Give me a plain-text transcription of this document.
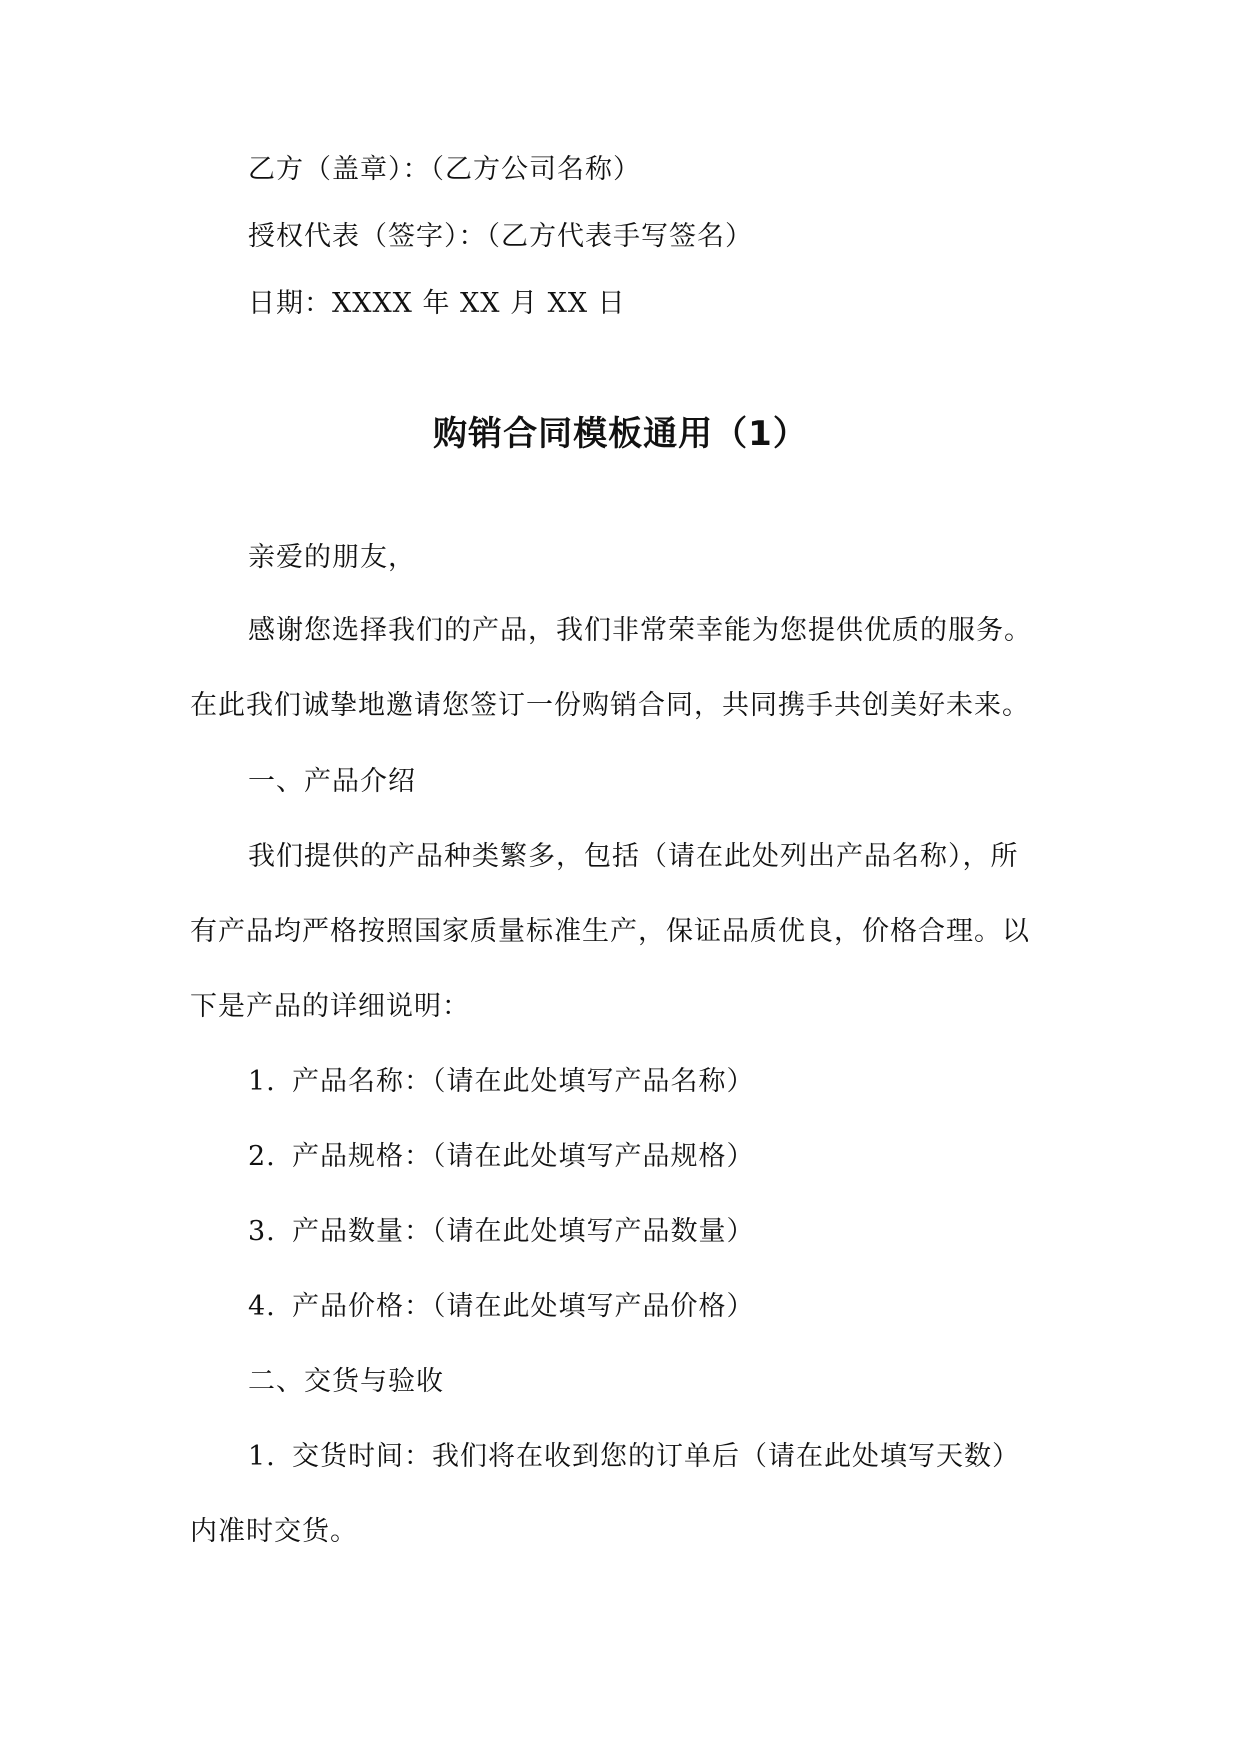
乙方（盖章）：（乙方公司名称）
授权代表（签字）：（乙方代表手写签名）
日期：XXXX 年 XX 月 XX 日
购销合同模板通用（1）
亲爱的朋友，
感谢您选择我们的产品，我们非常荣幸能为您提供优质的服务。
在此我们诚挚地邀请您签订一份购销合同，共同携手共创美好未来。
一、产品介绍
我们提供的产品种类繁多，包括（请在此处列出产品名称），所
有产品均严格按照国家质量标准生产，保证品质优良，价格合理。以
下是产品的详细说明：
1. 产品名称：（请在此处填写产品名称）
2. 产品规格：（请在此处填写产品规格）
3. 产品数量：（请在此处填写产品数量）
4. 产品价格：（请在此处填写产品价格）
二、交货与验收
1. 交货时间：我们将在收到您的订单后（请在此处填写天数）
内准时交货。
